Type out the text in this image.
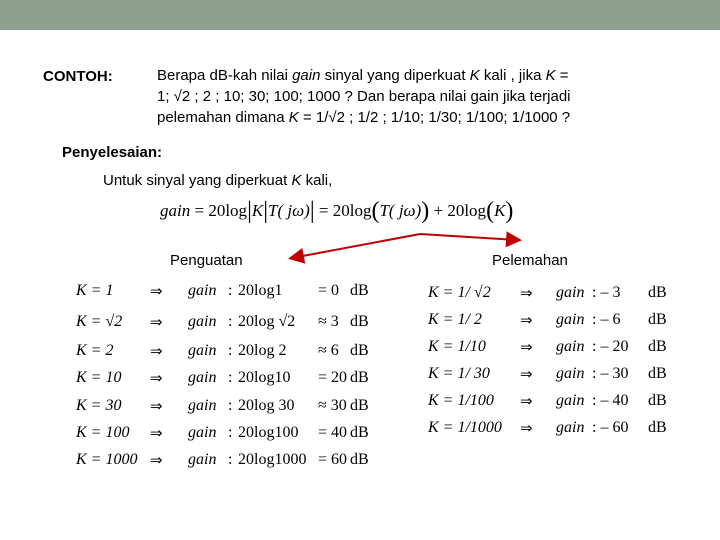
CONTOH:	Berapa dB-kah nilai gain sinyal yang diperkuat K kali , jika K =
1; √2 ; 2 ; 10; 30; 100; 1000 ? Dan berapa nilai gain jika terjadi
pelemahan dimana K = 1/√2 ; 1/2 ; 1/10; 1/30; 1/100; 1/1000 ?
Penyelesaian:
Untuk sinyal yang diperkuat K kali,
gain = 20log|K|T( jω)| = 20log(T( jω)) + 20log(K)
Penguatan	Pelemahan
K = 1 ⇒ gain : 20log1 = 0 dB
K = √2 ⇒ gain : 20log √2 ≈ 3 dB
K = 2 ⇒ gain : 20log 2 ≈ 6 dB
K = 10 ⇒ gain : 20log10 = 20 dB
K = 30 ⇒ gain : 20log 30 ≈ 30 dB
K = 100 ⇒ gain : 20log100 = 40 dB
K = 1000 ⇒ gain : 20log1000 = 60 dB
K = 1/ √2 ⇒ gain : – 3 dB
K = 1/ 2	⇒ gain : – 6 dB
K = 1/10 ⇒ gain : – 20 dB
K = 1/ 30 ⇒ gain : – 30 dB
K = 1/100 ⇒ gain : – 40 dB
K = 1/1000 ⇒ gain : – 60 dB
